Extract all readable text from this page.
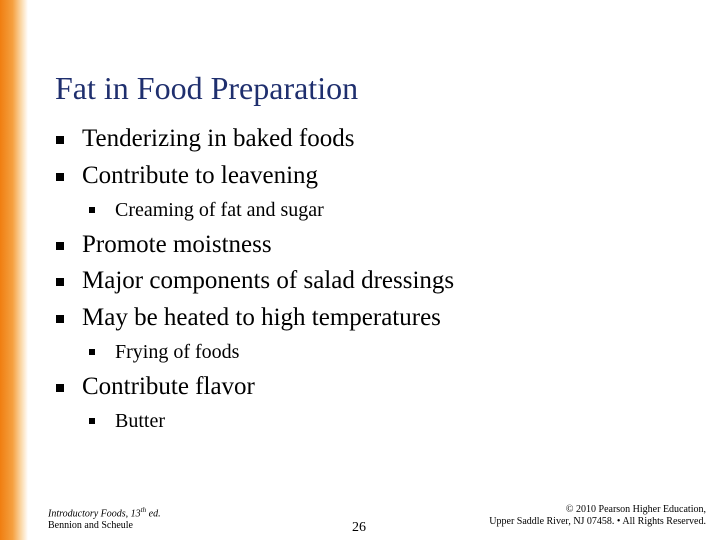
Fat in Food Preparation
Tenderizing in baked foods
Contribute to leavening
Creaming of fat and sugar
Promote moistness
Major components of salad dressings
May be heated to high temperatures
Frying of foods
Contribute flavor
Butter
Introductory Foods, 13th ed.
Bennion and Scheule	26
© 2010 Pearson Higher Education,
Upper Saddle River, NJ 07458. • All Rights Reserved.
